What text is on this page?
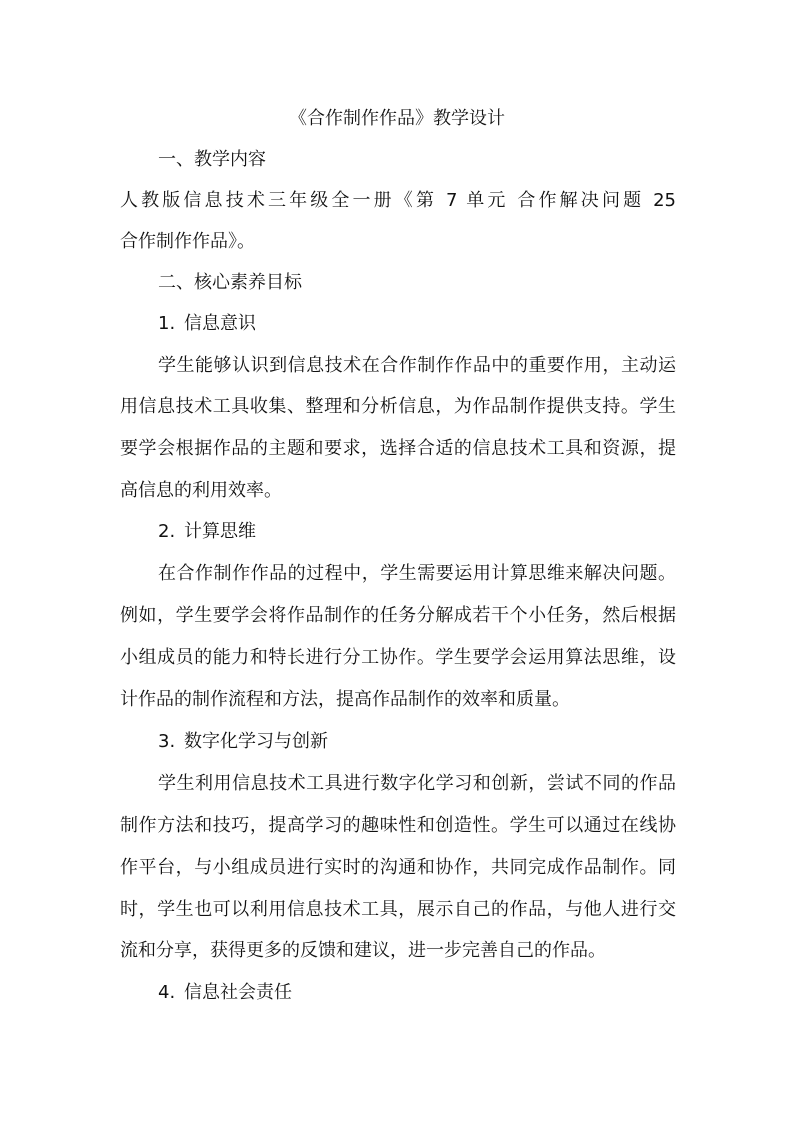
《合作制作作品》教学设计
一、教学内容
人教版信息技术三年级全一册《第 7 单元 合作解决问题 25
合作制作作品》。
二、核心素养目标
1. 信息意识
学生能够认识到信息技术在合作制作作品中的重要作用，主动运
用信息技术工具收集、整理和分析信息，为作品制作提供支持。学生
要学会根据作品的主题和要求，选择合适的信息技术工具和资源，提
高信息的利用效率。
2. 计算思维
在合作制作作品的过程中，学生需要运用计算思维来解决问题。
例如，学生要学会将作品制作的任务分解成若干个小任务，然后根据
小组成员的能力和特长进行分工协作。学生要学会运用算法思维，设
计作品的制作流程和方法，提高作品制作的效率和质量。
3. 数字化学习与创新
学生利用信息技术工具进行数字化学习和创新，尝试不同的作品
制作方法和技巧，提高学习的趣味性和创造性。学生可以通过在线协
作平台，与小组成员进行实时的沟通和协作，共同完成作品制作。同
时，学生也可以利用信息技术工具，展示自己的作品，与他人进行交
流和分享，获得更多的反馈和建议，进一步完善自己的作品。
4. 信息社会责任
